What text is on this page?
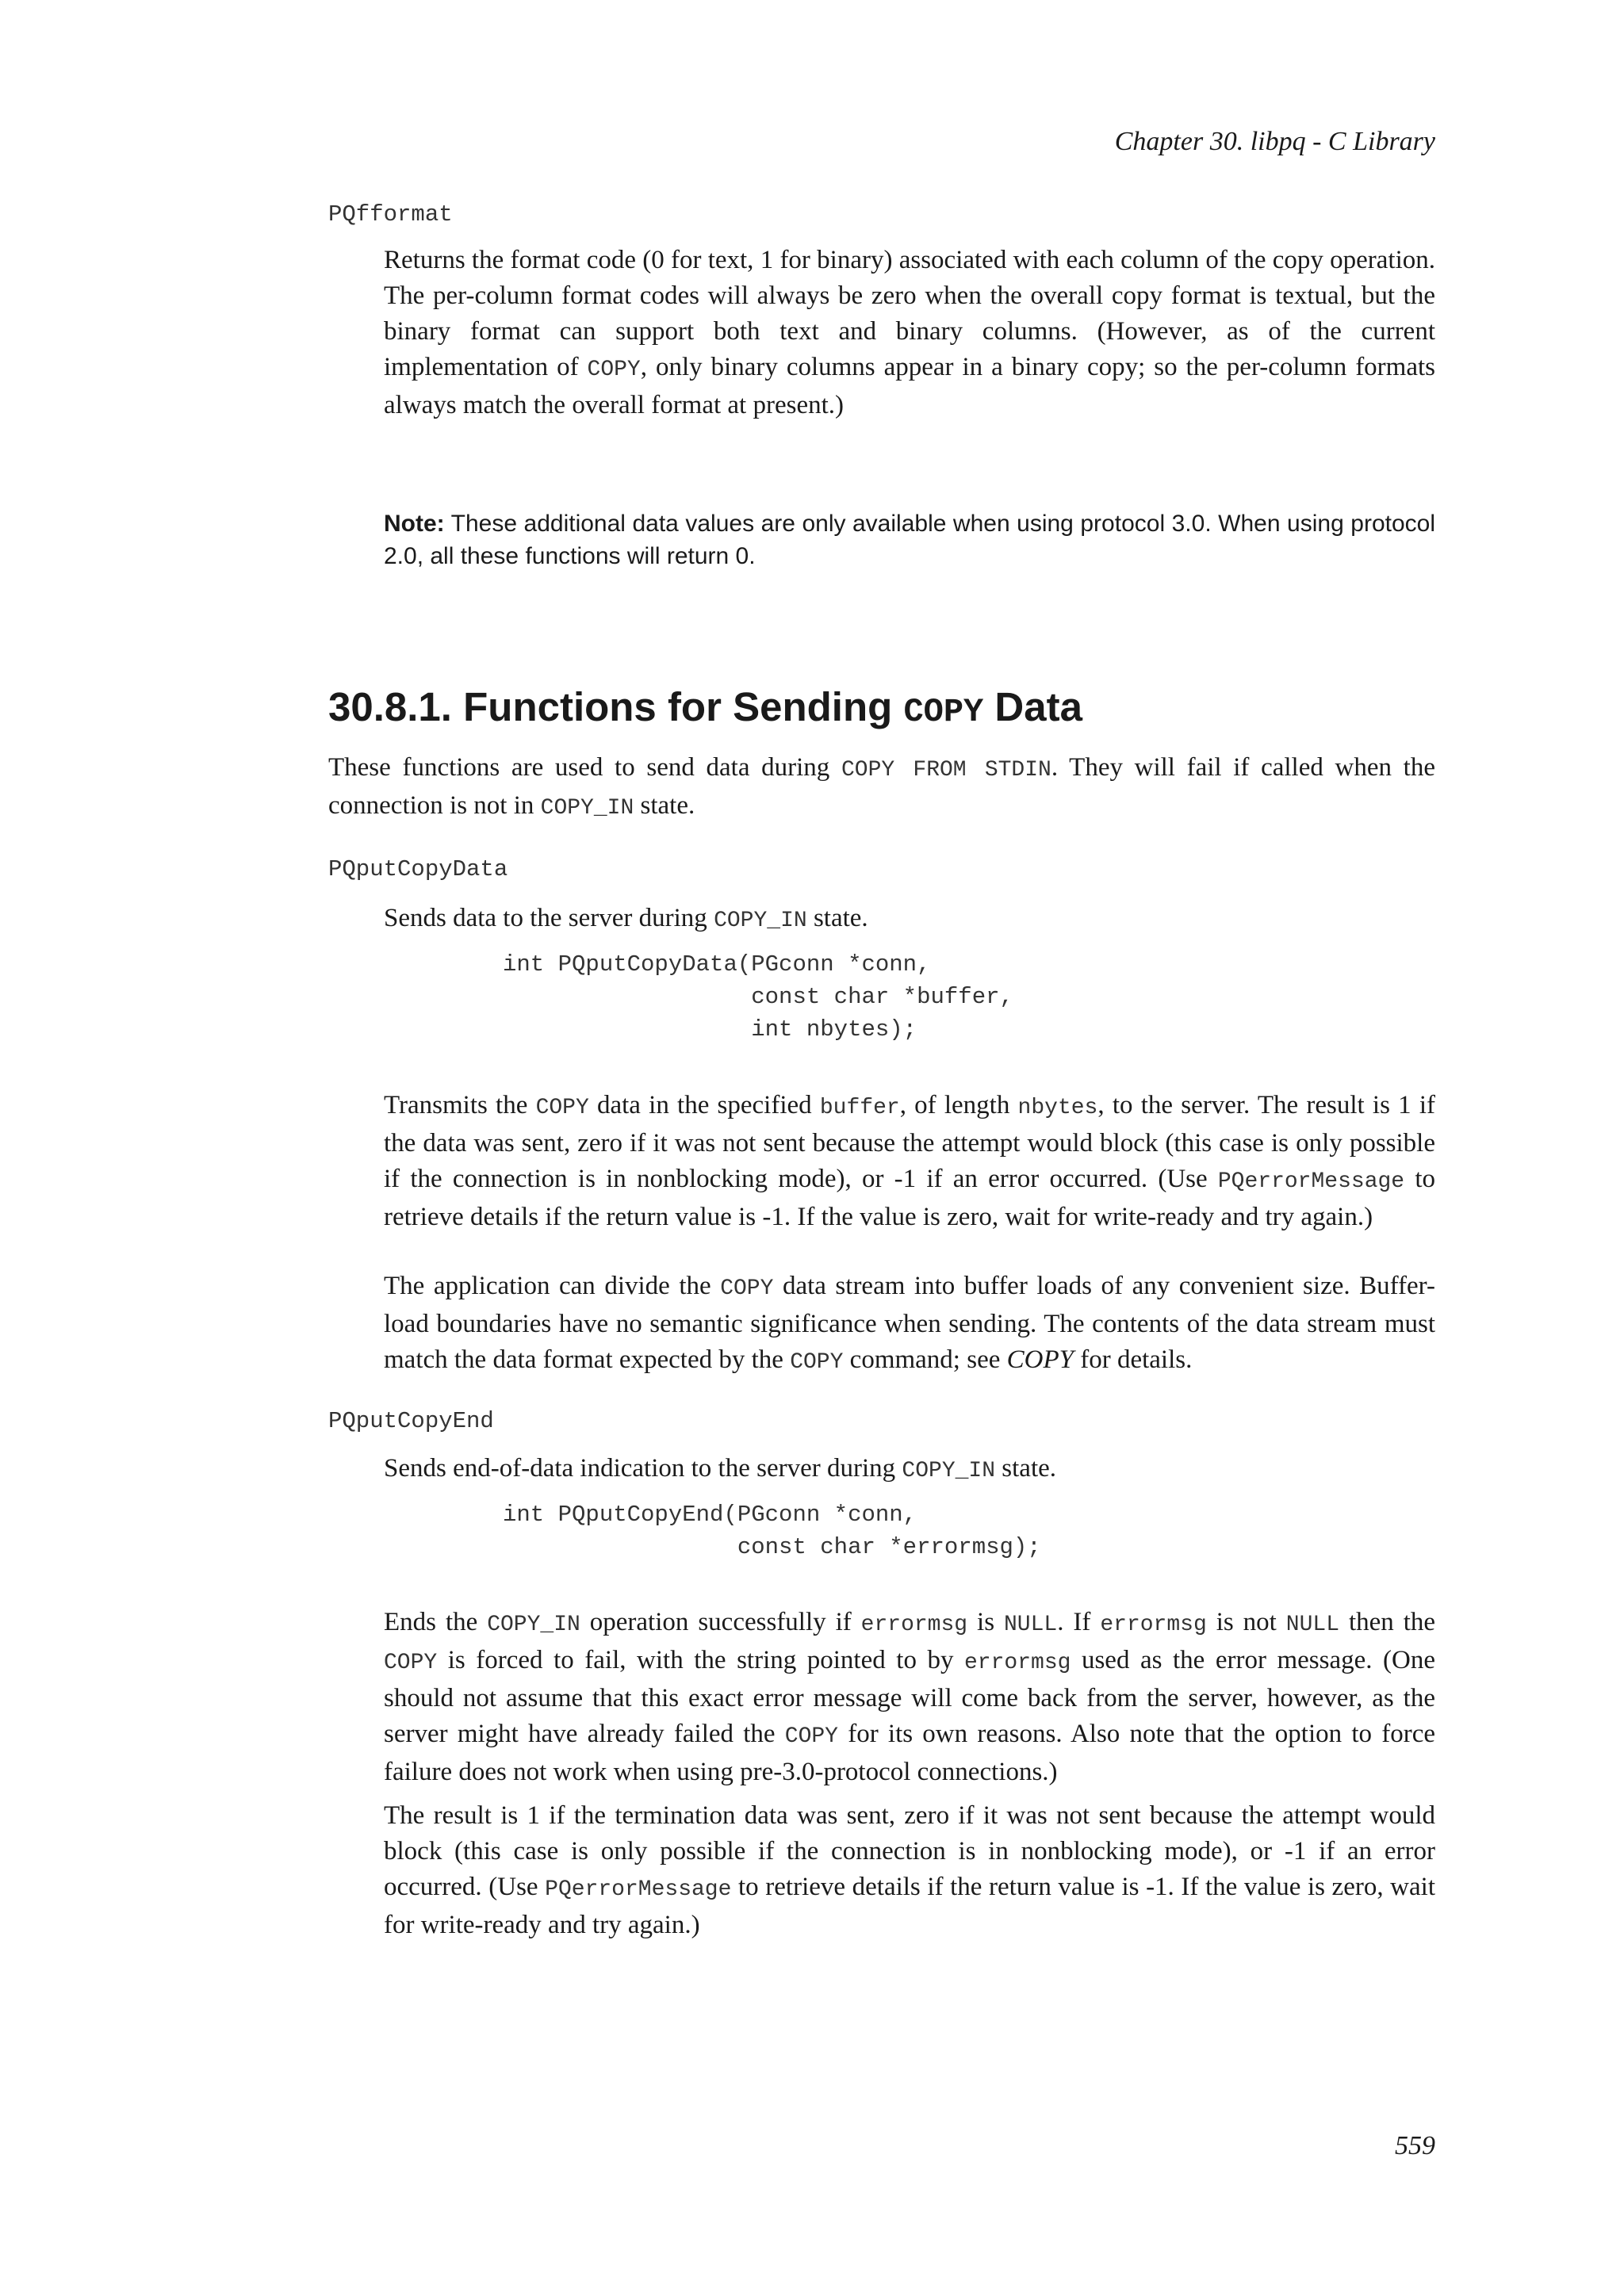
Chapter 30. libpq - C Library
PQfformat

Returns the format code (0 for text, 1 for binary) associated with each column of the copy operation. The per-column format codes will always be zero when the overall copy format is textual, but the binary format can support both text and binary columns. (However, as of the current implementation of COPY, only binary columns appear in a binary copy; so the per-column formats always match the overall format at present.)

Note: These additional data values are only available when using protocol 3.0. When using protocol 2.0, all these functions will return 0.

30.8.1. Functions for Sending COPY Data

These functions are used to send data during COPY FROM STDIN. They will fail if called when the connection is not in COPY_IN state.

PQputCopyData

Sends data to the server during COPY_IN state.

int PQputCopyData(PGconn *conn,
const char *buffer,
int nbytes);

Transmits the COPY data in the specified buffer, of length nbytes, to the server. The result is 1 if the data was sent, zero if it was not sent because the attempt would block (this case is only possible if the connection is in nonblocking mode), or -1 if an error occurred. (Use PQerrorMessage to retrieve details if the return value is -1. If the value is zero, wait for write-ready and try again.)

The application can divide the COPY data stream into buffer loads of any convenient size. Buffer-load boundaries have no semantic significance when sending. The contents of the data stream must match the data format expected by the COPY command; see COPY for details.

PQputCopyEnd

Sends end-of-data indication to the server during COPY_IN state.

int PQputCopyEnd(PGconn *conn,
const char *errormsg);

Ends the COPY_IN operation successfully if errormsg is NULL. If errormsg is not NULL then the COPY is forced to fail, with the string pointed to by errormsg used as the error message. (One should not assume that this exact error message will come back from the server, however, as the server might have already failed the COPY for its own reasons. Also note that the option to force failure does not work when using pre-3.0-protocol connections.)

The result is 1 if the termination data was sent, zero if it was not sent because the attempt would block (this case is only possible if the connection is in nonblocking mode), or -1 if an error occurred. (Use PQerrorMessage to retrieve details if the return value is -1. If the value is zero, wait for write-ready and try again.)

559
